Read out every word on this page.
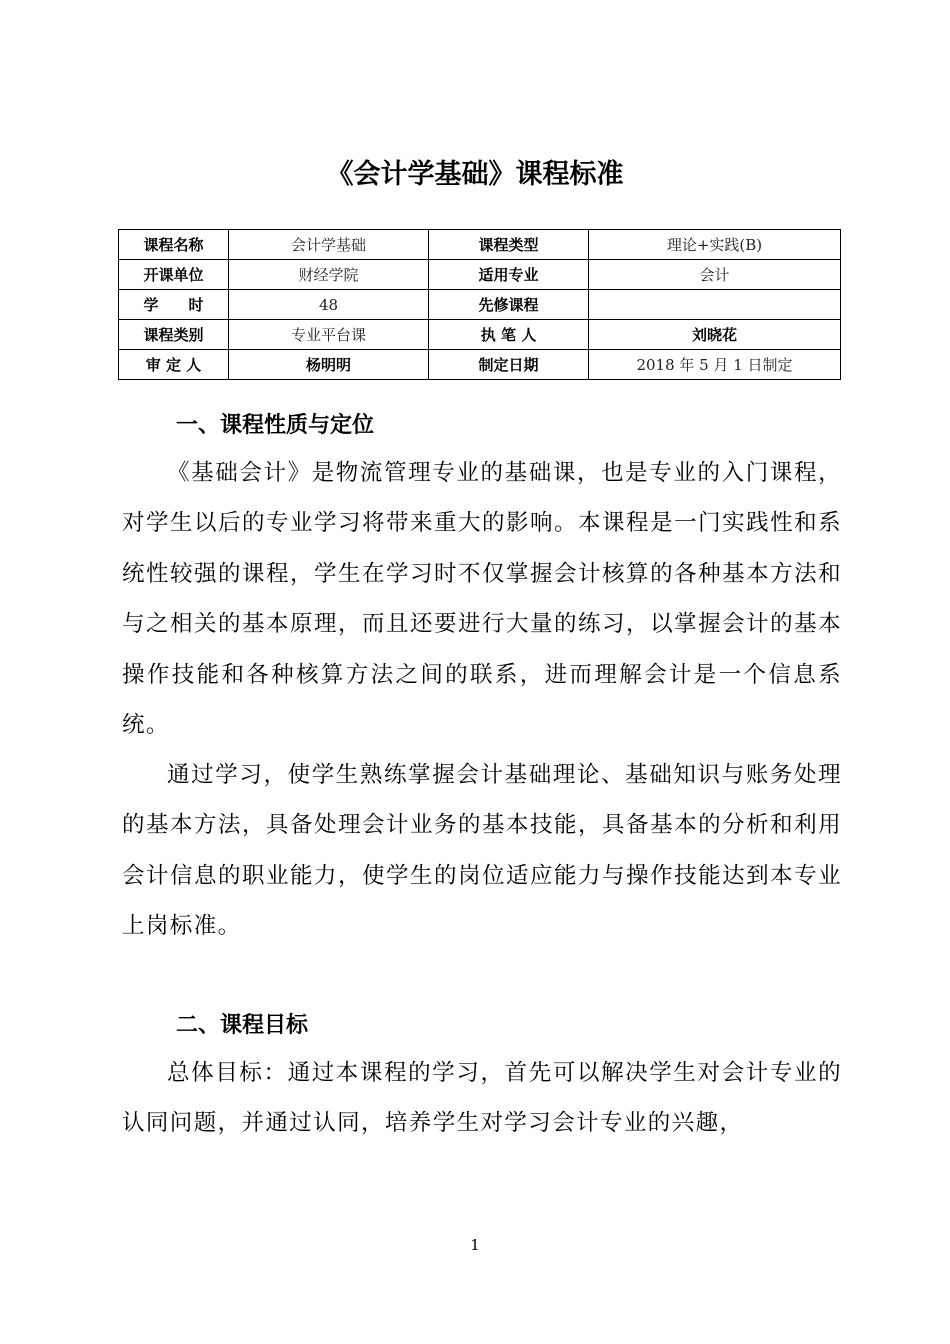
《会计学基础》课程标准
课程名称	会计学基础	课程类型	理论+实践(B)
开课单位	财经学院	适用专业	会计
学　　时	48	先修课程	
课程类别	专业平台课	执 笔 人	刘晓花
审 定 人	杨明明	制定日期	2018 年 5 月 1 日制定
一、课程性质与定位

《基础会计》是物流管理专业的基础课，也是专业的入门课程，对学生以后的专业学习将带来重大的影响。本课程是一门实践性和系统性较强的课程，学生在学习时不仅掌握会计核算的各种基本方法和与之相关的基本原理，而且还要进行大量的练习，以掌握会计的基本操作技能和各种核算方法之间的联系，进而理解会计是一个信息系统。

通过学习，使学生熟练掌握会计基础理论、基础知识与账务处理的基本方法，具备处理会计业务的基本技能，具备基本的分析和利用会计信息的职业能力，使学生的岗位适应能力与操作技能达到本专业上岗标准。

二、课程目标

总体目标：通过本课程的学习，首先可以解决学生对会计专业的认同问题，并通过认同，培养学生对学习会计专业的兴趣，

1
